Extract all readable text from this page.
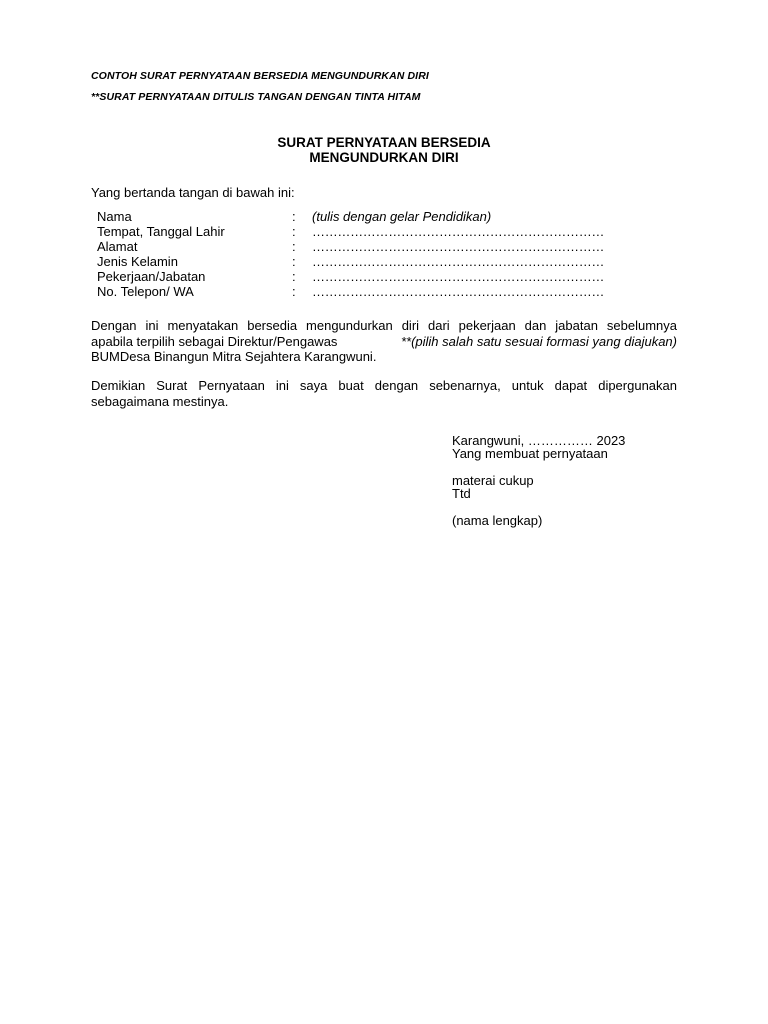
CONTOH SURAT PERNYATAAN BERSEDIA MENGUNDURKAN DIRI
**SURAT PERNYATAAN DITULIS TANGAN DENGAN TINTA HITAM
SURAT PERNYATAAN BERSEDIA
MENGUNDURKAN DIRI
Yang bertanda tangan di bawah ini:
Nama	: (tulis dengan gelar Pendidikan)
Tempat, Tanggal Lahir	: ……………………………………………………………
Alamat	: ……………………………………………………………
Jenis Kelamin	: ……………………………………………………………
Pekerjaan/Jabatan	: ……………………………………………………………
No. Telepon/ WA	: ……………………………………………………………
Dengan ini menyatakan bersedia mengundurkan diri dari pekerjaan dan jabatan sebelumnya
apabila terpilih sebagai Direktur/Pengawas	**(pilih salah satu sesuai formasi yang diajukan)
BUMDesa Binangun Mitra Sejahtera Karangwuni.
Demikian Surat Pernyataan ini saya buat dengan sebenarnya, untuk dapat dipergunakan
sebagaimana mestinya.
Karangwuni, …………… 2023
Yang membuat pernyataan
materai cukup
Ttd
(nama lengkap)
